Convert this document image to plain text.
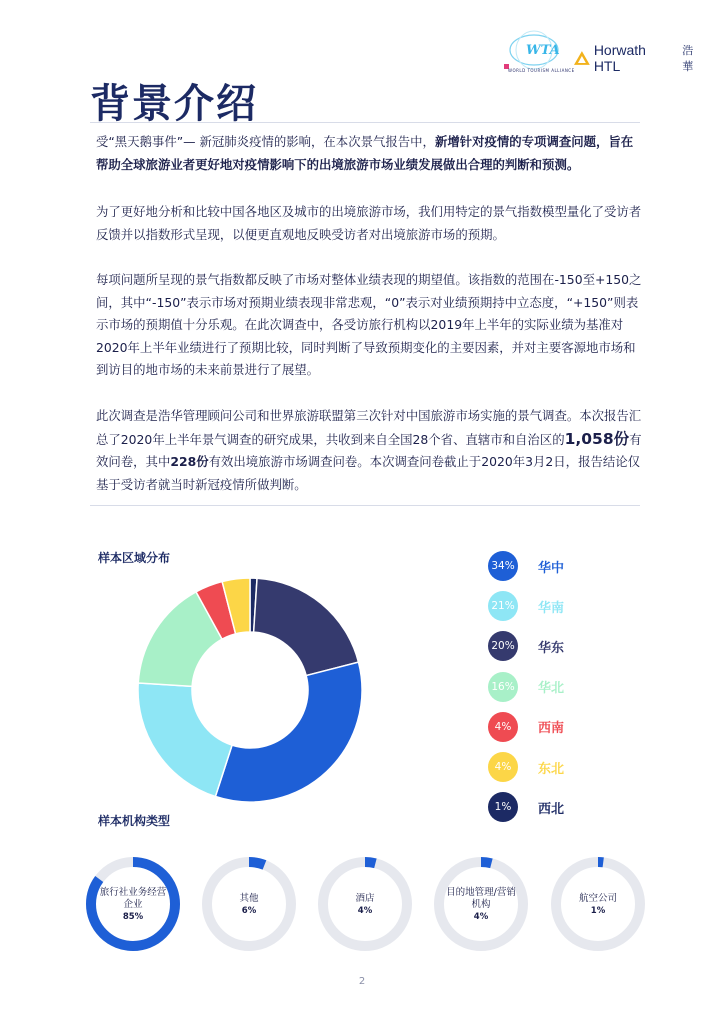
WTA
WORLD TOURISM ALLIANCE
Horwath HTL
浩華
背景介绍

受“黑天鹅事件”— 新冠肺炎疫情的影响，在本次景气报告中，新增针对疫情的专项调查问题，旨在帮助全球旅游业者更好地对疫情影响下的出境旅游市场业绩发展做出合理的判断和预测。

为了更好地分析和比较中国各地区及城市的出境旅游市场，我们用特定的景气指数模型量化了受访者反馈并以指数形式呈现，以便更直观地反映受访者对出境旅游市场的预期。

每项问题所呈现的景气指数都反映了市场对整体业绩表现的期望值。该指数的范围在-150至+150之间，其中“-150”表示市场对预期业绩表现非常悲观，“0”表示对业绩预期持中立态度，“+150”则表示市场的预期值十分乐观。在此次调查中，各受访旅行机构以2019年上半年的实际业绩为基准对2020年上半年业绩进行了预期比较，同时判断了导致预期变化的主要因素，并对主要客源地市场和到访目的地市场的未来前景进行了展望。

此次调查是浩华管理顾问公司和世界旅游联盟第三次针对中国旅游市场实施的景气调查。本次报告汇总了2020年上半年景气调查的研究成果，共收到来自全国28个省、直辖市和自治区的1,058份有效问卷，其中228份有效出境旅游市场调查问卷。本次调查问卷截止于2020年3月2日，报告结论仅基于受访者就当时新冠疫情所做判断。

样本区域分布
34% 华中
21% 华南
20% 华东
16% 华北
4%	西南
4%	东北
1%	西北
样本机构类型
旅行社业务经营企业
85%
其他
6%
酒店
4%
目的地管理/营销机构
4%
航空公司
1%
2
